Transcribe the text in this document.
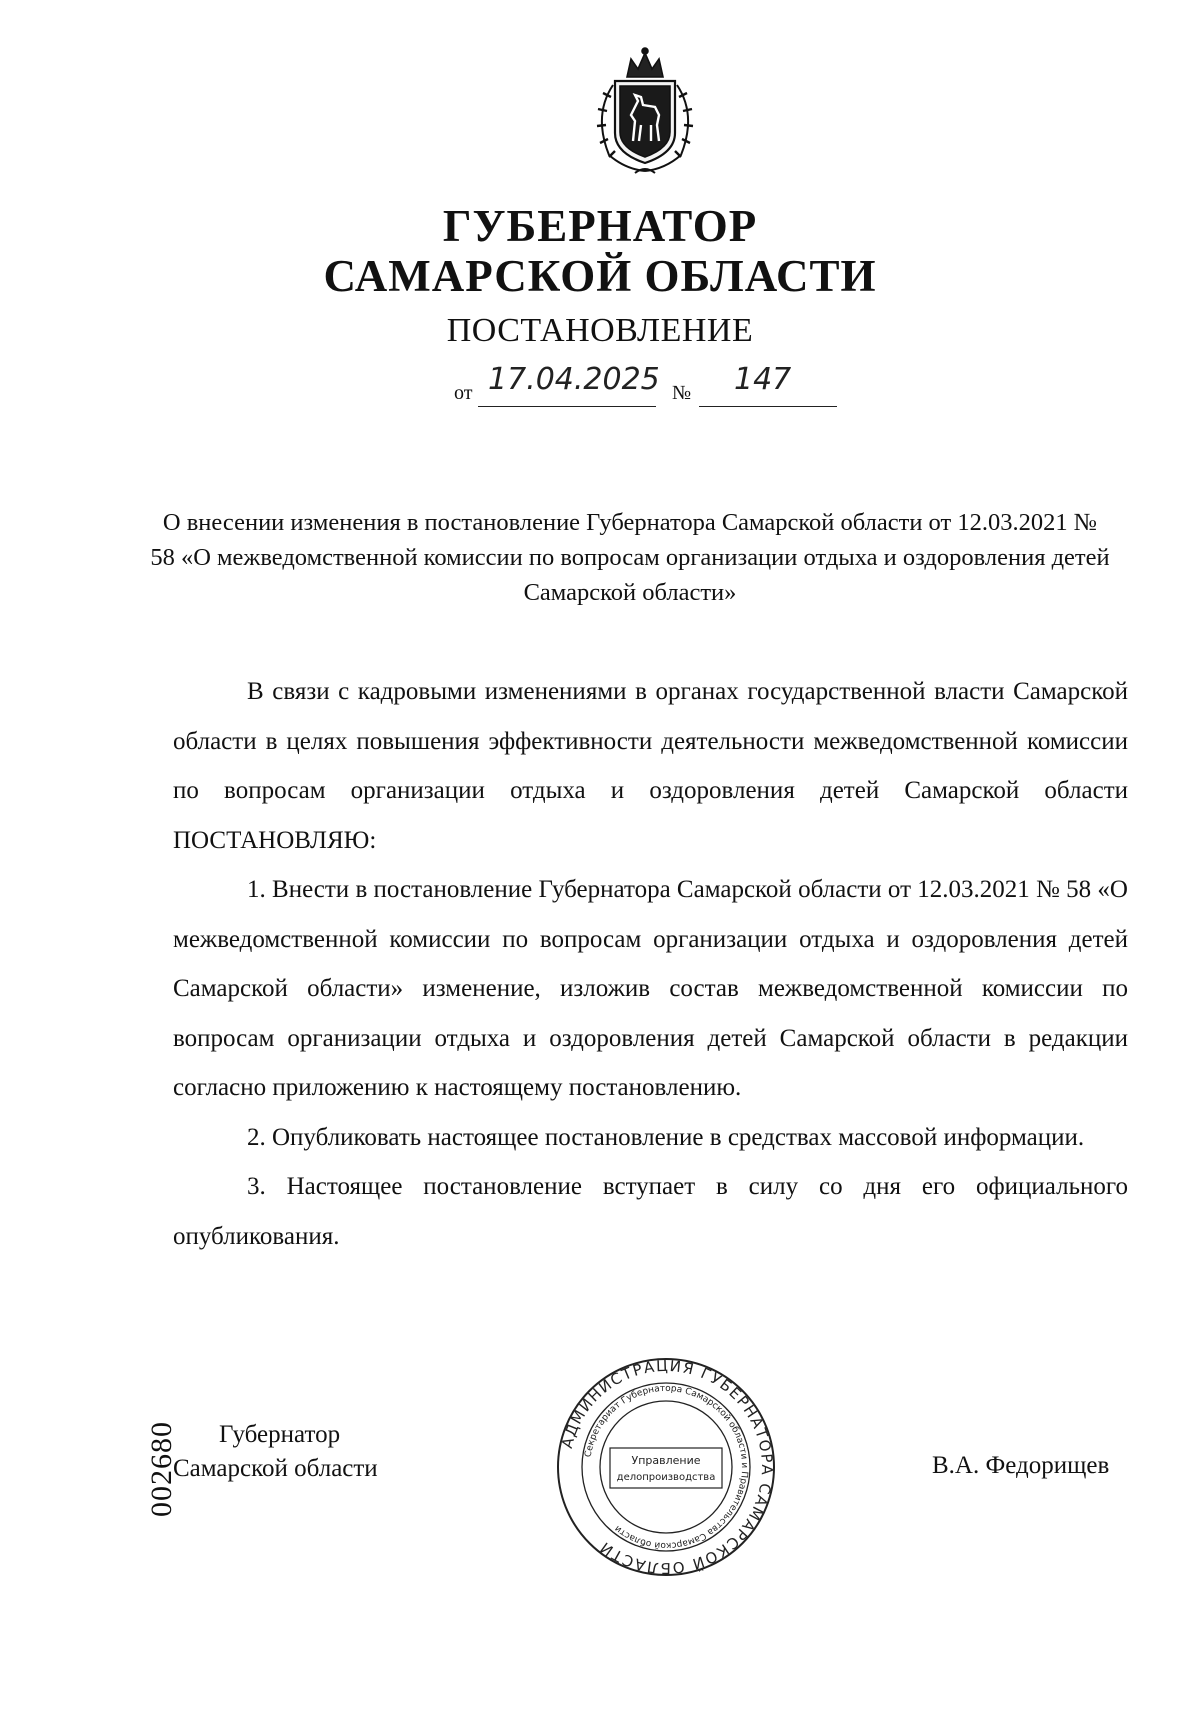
ГУБЕРНАТОР
САМАРСКОЙ ОБЛАСТИ
ПОСТАНОВЛЕНИЕ
от 17.04.2025 № 147
О внесении изменения в постановление Губернатора Самарской области от 12.03.2021 № 58 «О межведомственной комиссии по вопросам организации отдыха и оздоровления детей Самарской области»

В связи с кадровыми изменениями в органах государственной власти Самарской области в целях повышения эффективности деятельности межведомственной комиссии по вопросам организации отдыха и оздоровления детей Самарской области ПОСТАНОВЛЯЮ:

1. Внести в постановление Губернатора Самарской области от 12.03.2021 № 58 «О межведомственной комиссии по вопросам организации отдыха и оздоровления детей Самарской области» изменение, изложив состав межведомственной комиссии по вопросам организации отдыха и оздоровления детей Самарской области в редакции согласно приложению к настоящему постановлению.

2. Опубликовать настоящее постановление в средствах массовой информации.

3. Настоящее постановление вступает в силу со дня его официального опубликования.

Губернатор
Самарской области	В.А. Федорищев
АДМИНИСТРАЦИЯ ГУБЕРНАТОРА САМАРСКОЙ ОБЛАСТИ
Секретариат Губернатора Самарской области и Правительства Самарской области
Управление
делопроизводства
002680
